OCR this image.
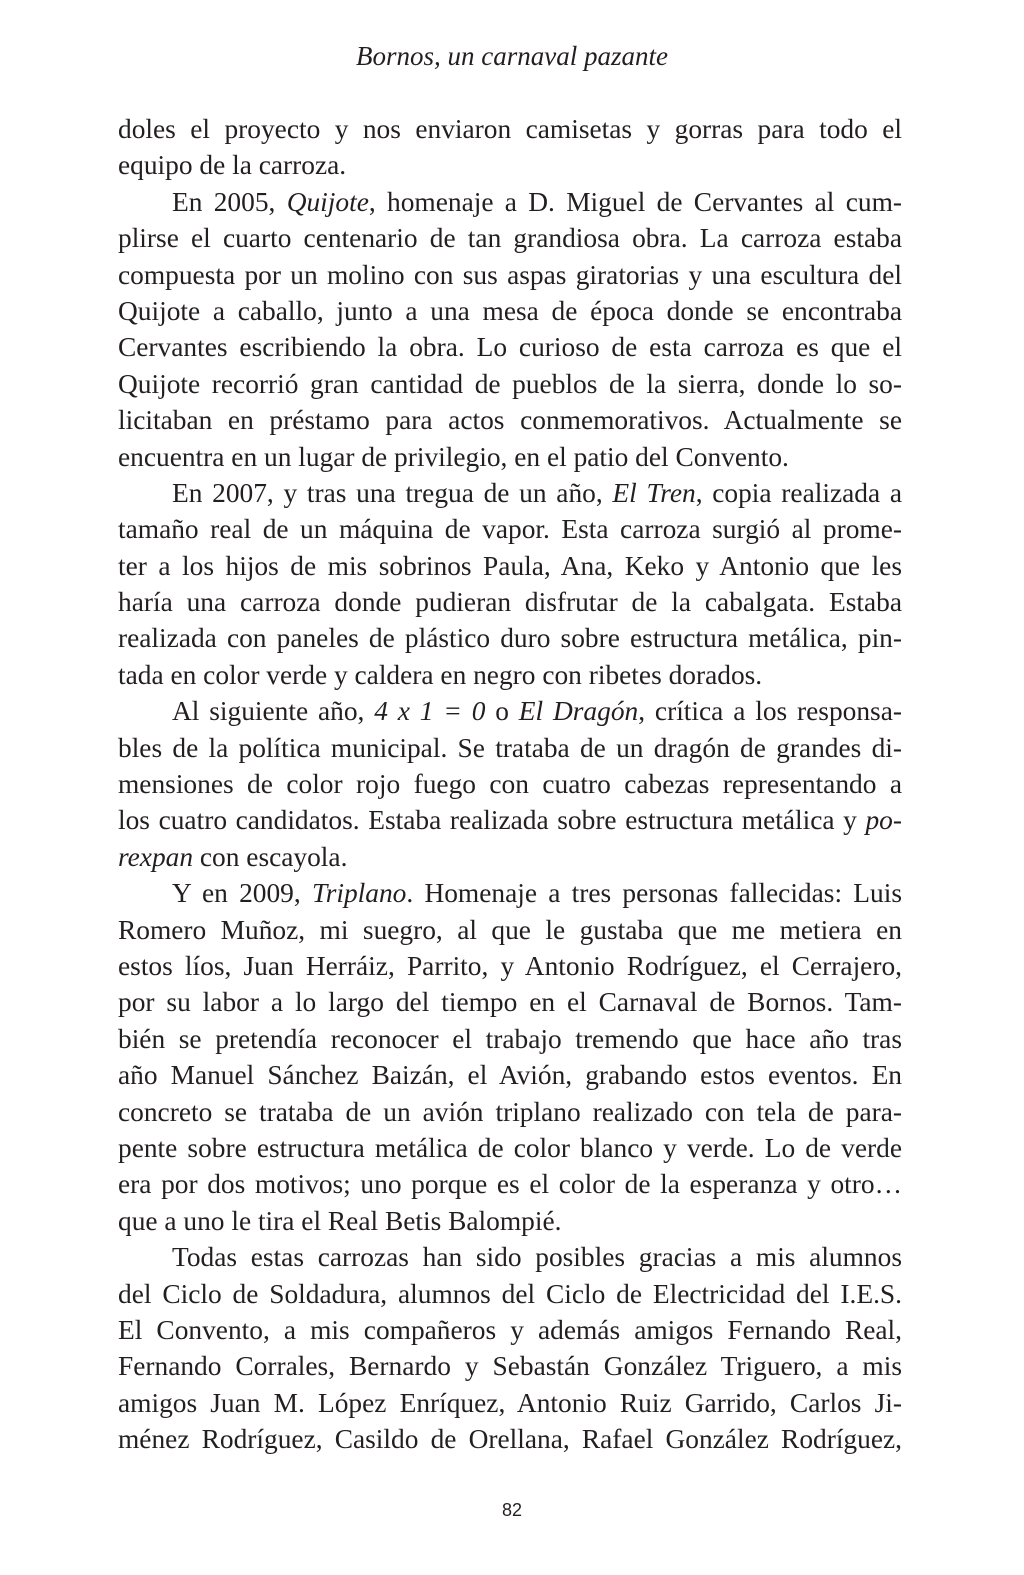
Bornos, un carnaval pazante
doles el proyecto y nos enviaron camisetas y gorras para todo el
equipo de la carroza.
En 2005, Quijote, homenaje a D. Miguel de Cervantes al cum-
plirse el cuarto centenario de tan grandiosa obra. La carroza estaba
compuesta por un molino con sus aspas giratorias y una escultura del
Quijote a caballo, junto a una mesa de época donde se encontraba
Cervantes escribiendo la obra. Lo curioso de esta carroza es que el
Quijote recorrió gran cantidad de pueblos de la sierra, donde lo so-
licitaban en préstamo para actos conmemorativos. Actualmente se
encuentra en un lugar de privilegio, en el patio del Convento.
En 2007, y tras una tregua de un año, El Tren, copia realizada a
tamaño real de un máquina de vapor. Esta carroza surgió al prome-
ter a los hijos de mis sobrinos Paula, Ana, Keko y Antonio que les
haría una carroza donde pudieran disfrutar de la cabalgata. Estaba
realizada con paneles de plástico duro sobre estructura metálica, pin-
tada en color verde y caldera en negro con ribetes dorados.
Al siguiente año, 4 x 1 = 0 o El Dragón, crítica a los responsa-
bles de la política municipal. Se trataba de un dragón de grandes di-
mensiones de color rojo fuego con cuatro cabezas representando a
los cuatro candidatos. Estaba realizada sobre estructura metálica y po-
rexpan con escayola.
Y en 2009, Triplano. Homenaje a tres personas fallecidas: Luis
Romero Muñoz, mi suegro, al que le gustaba que me metiera en
estos líos, Juan Herráiz, Parrito, y Antonio Rodríguez, el Cerrajero,
por su labor a lo largo del tiempo en el Carnaval de Bornos. Tam-
bién se pretendía reconocer el trabajo tremendo que hace año tras
año Manuel Sánchez Baizán, el Avión, grabando estos eventos. En
concreto se trataba de un avión triplano realizado con tela de para-
pente sobre estructura metálica de color blanco y verde. Lo de verde
era por dos motivos; uno porque es el color de la esperanza y otro…
que a uno le tira el Real Betis Balompié.
Todas estas carrozas han sido posibles gracias a mis alumnos
del Ciclo de Soldadura, alumnos del Ciclo de Electricidad del I.E.S.
El Convento, a mis compañeros y además amigos Fernando Real,
Fernando Corrales, Bernardo y Sebastán González Triguero, a mis
amigos Juan M. López Enríquez, Antonio Ruiz Garrido, Carlos Ji-
ménez Rodríguez, Casildo de Orellana, Rafael González Rodríguez,
82
